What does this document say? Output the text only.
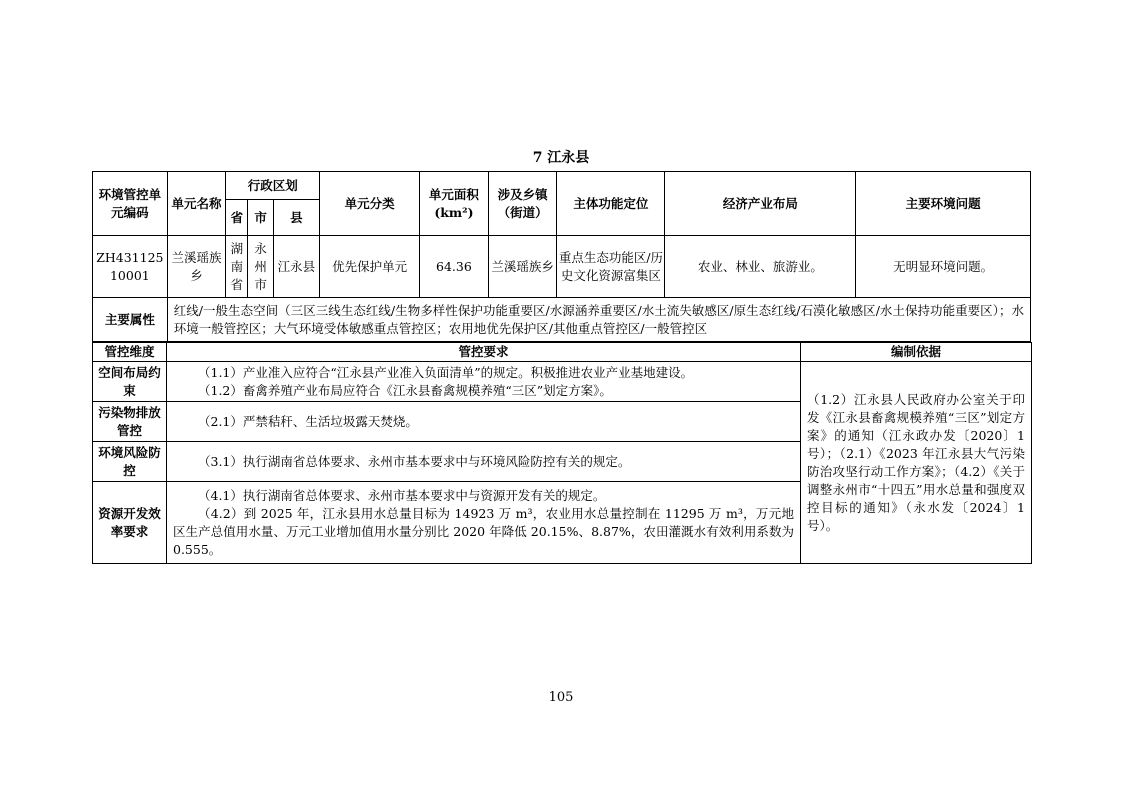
7 江永县
环境管控单元编码	单元名称	行政区划			单元分类	单元面积(km²)	涉及乡镇（街道）	主体功能定位	经济产业布局	主要环境问题
		省	市	县						
ZH43112510001	兰溪瑶族乡	湖南省	永州市	江永县	优先保护单元	64.36	兰溪瑶族乡	重点生态功能区/历史文化资源富集区	农业、林业、旅游业。	无明显环境问题。
主要属性	红线/一般生态空间（三区三线生态红线/生物多样性保护功能重要区/水源涵养重要区/水土流失敏感区/原生态红线/石漠化敏感区/水土保持功能重要区）；水环境一般管控区；大气环境受体敏感重点管控区；农用地优先保护区/其他重点管控区/一般管控区									
管控维度	管控要求	编制依据
空间布局约束	（1.1）产业准入应符合“江永县产业准入负面清单”的规定。积极推进农业产业基地建设。
（1.2）畜禽养殖产业布局应符合《江永县畜禽规模养殖“三区”划定方案》。	（1.2）江永县人民政府办公室关于印发《江永县畜禽规模养殖“三区”划定方案》的通知（江永政办发〔2020〕1 号）；（2.1）《2023 年江永县大气污染防治攻坚行动工作方案》；（4.2）《关于调整永州市“十四五”用水总量和强度双控目标的通知》（永水发〔2024〕1 号）。
污染物排放管控	（2.1）严禁秸秆、生活垃圾露天焚烧。	

环境风险防控	（3.1）执行湖南省总体要求、永州市基本要求中与环境风险防控有关的规定。	

资源开发效率要求	（4.1）执行湖南省总体要求、永州市基本要求中与资源开发有关的规定。
（4.2）到 2025 年，江永县用水总量目标为 14923 万 m³，农业用水总量控制在 11295 万 m³，万元地区生产总值用水量、万元工业增加值用水量分别比 2020 年降低 20.15%、8.87%，农田灌溉水有效利用系数为 0.555。	
105
